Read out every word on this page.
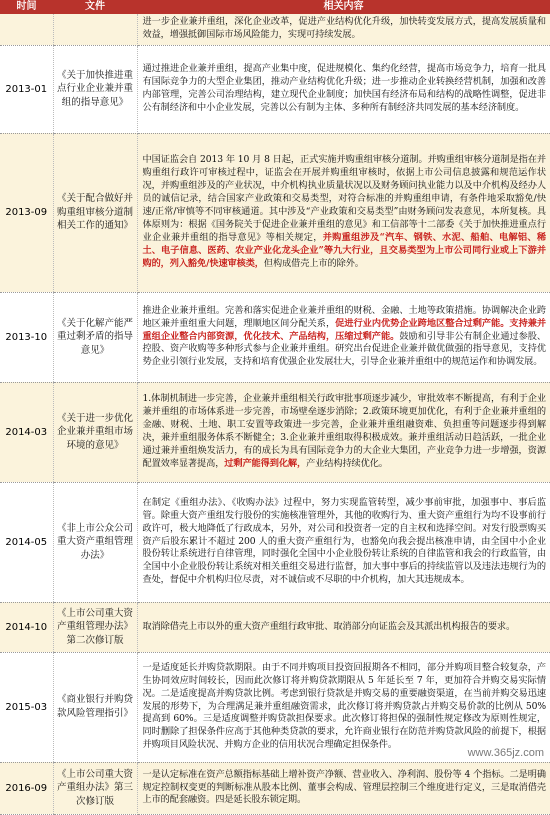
时间	文件	相关内容
		进一步企业兼并重组，深化企业改革，促进产业结构优化升级，加快转变发展方式，提高发展质量和效益，增强抵御国际市场风险能力，实现可持续发展。
2013-01	《关于加快推进重点行业企业兼并重组的指导意见》	通过推进企业兼并重组，提高产业集中度，促进规模化、集约化经营，提高市场竞争力，培育一批具有国际竞争力的大型企业集团，推动产业结构优化升级；进一步推动企业转换经营机制，加强和改善内部管理，完善公司治理结构，建立现代企业制度；加快国有经济布局和结构的战略性调整，促进非公有制经济和中小企业发展，完善以公有制为主体、多种所有制经济共同发展的基本经济制度。
2013-09	《关于配合做好并购重组审核分道制相关工作的通知》	中国证监会自 2013 年 10 月 8 日起，正式实施并购重组审核分道制。并购重组审核分道制是指在并购重组行政许可审核过程中，证监会在开展并购重组审核时，依据上市公司信息披露和规范运作状况，并购重组涉及的产业状况，中介机构执业质量状况以及财务顾问执业能力以及中介机构及经办人员的诚信记录，结合国家产业政策和交易类型，对符合标准的并购重组申请，有条件地采取豁免/快速/正常/审慎等不同审核通道。其中涉及“产业政策和交易类型”由财务顾问发表意见，本所复核。具体原则为：根据《国务院关于促进企业兼并重组的意见》和工信部等十二部委《关于加快推进重点行业企业兼并重组的指导意见》等相关规定，并购重组涉及“汽车、钢铁、水泥、船舶、电解铝、稀土、电子信息、医药、农业产业化龙头企业”等九大行业，且交易类型为上市公司同行业或上下游并购的，列入豁免/快速审核类，但构成借壳上市的除外。
2013-10	《关于化解产能严重过剩矛盾的指导意见》	推进企业兼并重组。完善和落实促进企业兼并重组的财税、金融、土地等政策措施。协调解决企业跨地区兼并重组重大问题，理顺地区间分配关系，促进行业内优势企业跨地区整合过剩产能。支持兼并重组企业整合内部资源，优化技术、产品结构，压缩过剩产能。鼓励和引导非公有制企业通过参股、控股、资产收购等多种形式参与企业兼并重组。研究出台促进企业兼并做优做强的指导意见，支持优势企业引领行业发展，支持和培育优强企业发展壮大，引导企业兼并重组中的规范运作和协调发展。
2014-03	《关于进一步优化企业兼并重组市场环境的意见》	1.体制机制进一步完善，企业兼并重组相关行政审批事项逐步减少，审批效率不断提高，有利于企业兼并重组的市场体系进一步完善，市场壁垒逐步消除；2.政策环境更加优化，有利于企业兼并重组的金融、财税、土地、职工安置等政策进一步完善，企业兼并重组融资难、负担重等问题逐步得到解决，兼并重组服务体系不断健全；3.企业兼并重组取得积极成效。兼并重组活动日趋活跃，一批企业通过兼并重组焕发活力，有的成长为具有国际竞争力的大企业大集团，产业竞争力进一步增强，资源配置效率显著提高，过剩产能得到化解，产业结构持续优化。
2014-05	《非上市公众公司重大资产重组管理办法》	在制定《重组办法》、《收购办法》过程中，努力实现监管转型，减少事前审批，加强事中、事后监管。除重大资产重组发行股份的实施核准管理外，其他的收购行为、重大资产重组行为均不设事前行政许可，极大地降低了行政成本，另外，对公司和投资者一定的自主权和选择空间。对发行股票购买资产后股东累计不超过 200 人的重大资产重组行为，也豁免向我会提出核准申请，由全国中小企业股份转让系统进行自律管理，同时强化全国中小企业股份转让系统的自律监管和我会的行政监管，由全国中小企业股份转让系统对相关重组交易进行监督，加大事中事后的持续监管以及违法违规行为的查处，督促中介机构归位尽责，对不诚信或不尽职的中介机构，加大其违规成本。
2014-10	《上市公司重大资产重组管理办法》第二次修订版	取消除借壳上市以外的重大资产重组行政审批、取消部分向证监会及其派出机构报告的要求。
2015-03	《商业银行并购贷款风险管理指引》	一是适度延长并购贷款期限。由于不同并购项目投资回报期各不相同，部分并购项目整合较复杂，产生协同效应时间较长，因而此次修订将并购贷款期限从 5 年延长至 7 年，更加符合并购交易实际情况。二是适度提高并购贷款比例。考虑到银行贷款是并购交易的重要融资渠道，在当前并购交易迅速发展的形势下，为合理满足兼并重组融资需求，此次修订将并购贷款占并购交易价款的比例从 50%提高到 60%。三是适度调整并购贷款担保要求。此次修订将担保的强制性规定修改为原则性规定，同时删除了担保条件应高于其他种类贷款的要求，允许商业银行在防范并购贷款风险的前提下，根据并购项目风险状况、并购方企业的信用状况合理确定担保条件。
2016-09	《上市公司重大资产重组办法》第三次修订版	一是认定标准在资产总额指标基础上增补资产净额、营业收入、净利润、股份等 4 个指标。二是明确规定控制权变更的判断标准从股本比例、董事会构成、管理层控制三个维度进行定义，三是取消借壳上市的配套融资。四是延长股东锁定期。
www.365jz.com
